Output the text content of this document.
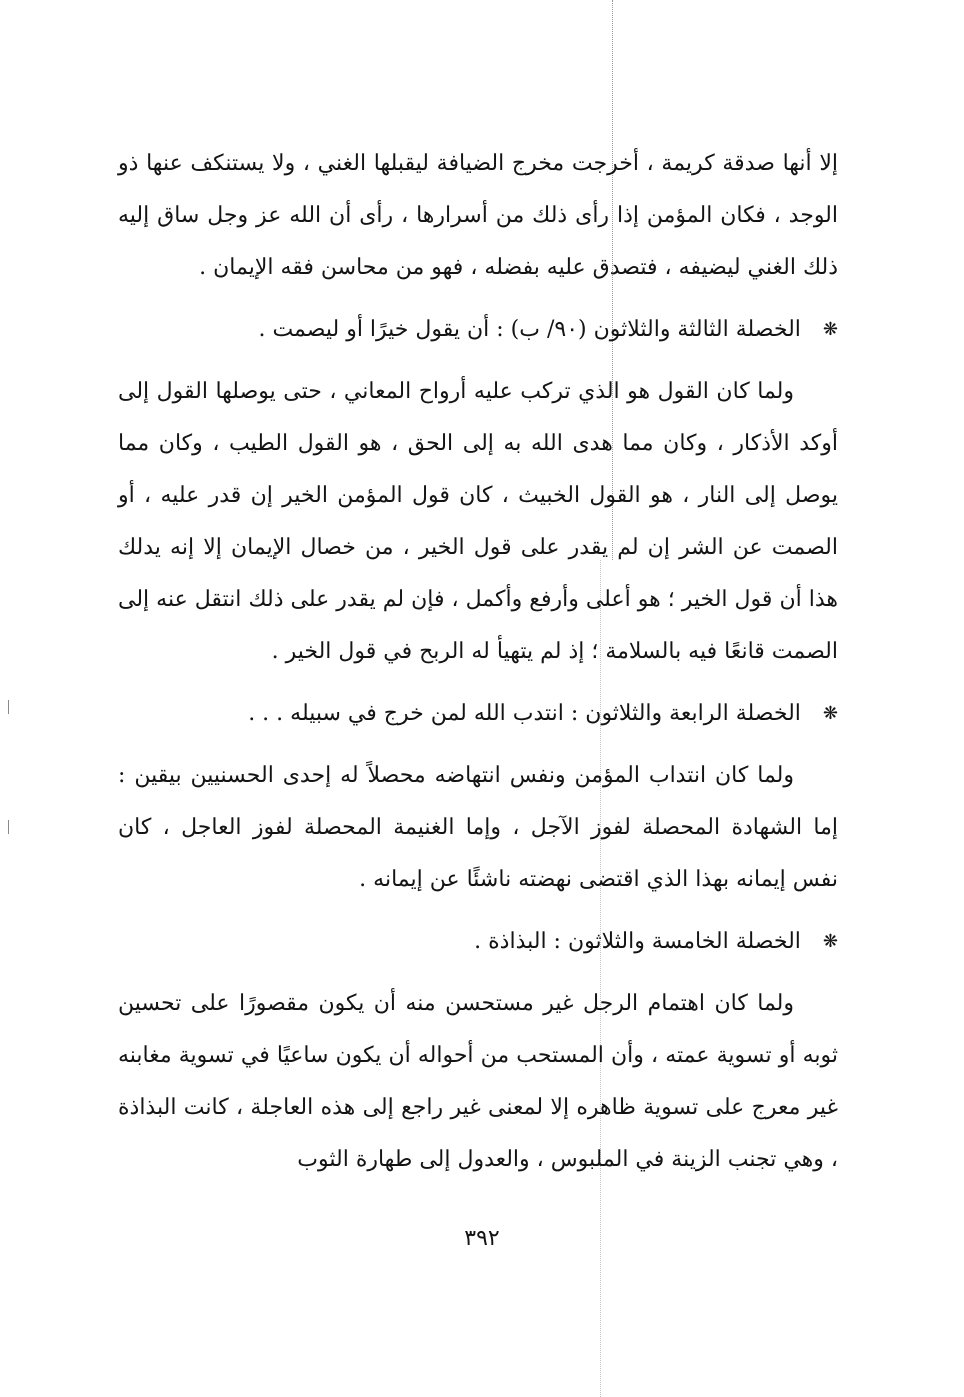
إلا أنها صدقة كريمة ، أخرجت مخرج الضيافة ليقبلها الغني ، ولا يستنكف عنها ذو الوجد ، فكان المؤمن إذا رأى ذلك من أسرارها ، رأى أن الله عز وجل ساق إليه ذلك الغني ليضيفه ، فتصدق عليه بفضله ، فهو من محاسن فقه الإيمان .

❋الخصلة الثالثة والثلاثون (٩٠/ ب) : أن يقول خيرًا أو ليصمت .

ولما كان القول هو الذي تركب عليه أرواح المعاني ، حتى يوصلها القول إلى أوكد الأذكار ، وكان مما هدى الله به إلى الحق ، هو القول الطيب ، وكان مما يوصل إلى النار ، هو القول الخبيث ، كان قول المؤمن الخير إن قدر عليه ، أو الصمت عن الشر إن لم يقدر على قول الخير ، من خصال الإيمان إلا إنه يدلك هذا أن قول الخير ؛ هو أعلى وأرفع وأكمل ، فإن لم يقدر على ذلك انتقل عنه إلى الصمت قانعًا فيه بالسلامة ؛ إذ لم يتهيأ له الربح في قول الخير .

❋الخصلة الرابعة والثلاثون : انتدب الله لمن خرج في سبيله . . .

ولما كان انتداب المؤمن ونفس انتهاضه محصلاً له إحدى الحسنيين بيقين : إما الشهادة المحصلة لفوز الآجل ، وإما الغنيمة المحصلة لفوز العاجل ، كان نفس إيمانه بهذا الذي اقتضى نهضته ناشئًا عن إيمانه .

❋الخصلة الخامسة والثلاثون : البذاذة .

ولما كان اهتمام الرجل غير مستحسن منه أن يكون مقصورًا على تحسين ثوبه أو تسوية عمته ، وأن المستحب من أحواله أن يكون ساعيًا في تسوية مغابنه غير معرج على تسوية ظاهره إلا لمعنى غير راجع إلى هذه العاجلة ، كانت البذاذة ، وهي تجنب الزينة في الملبوس ، والعدول إلى طهارة الثوب

٣٩٢
